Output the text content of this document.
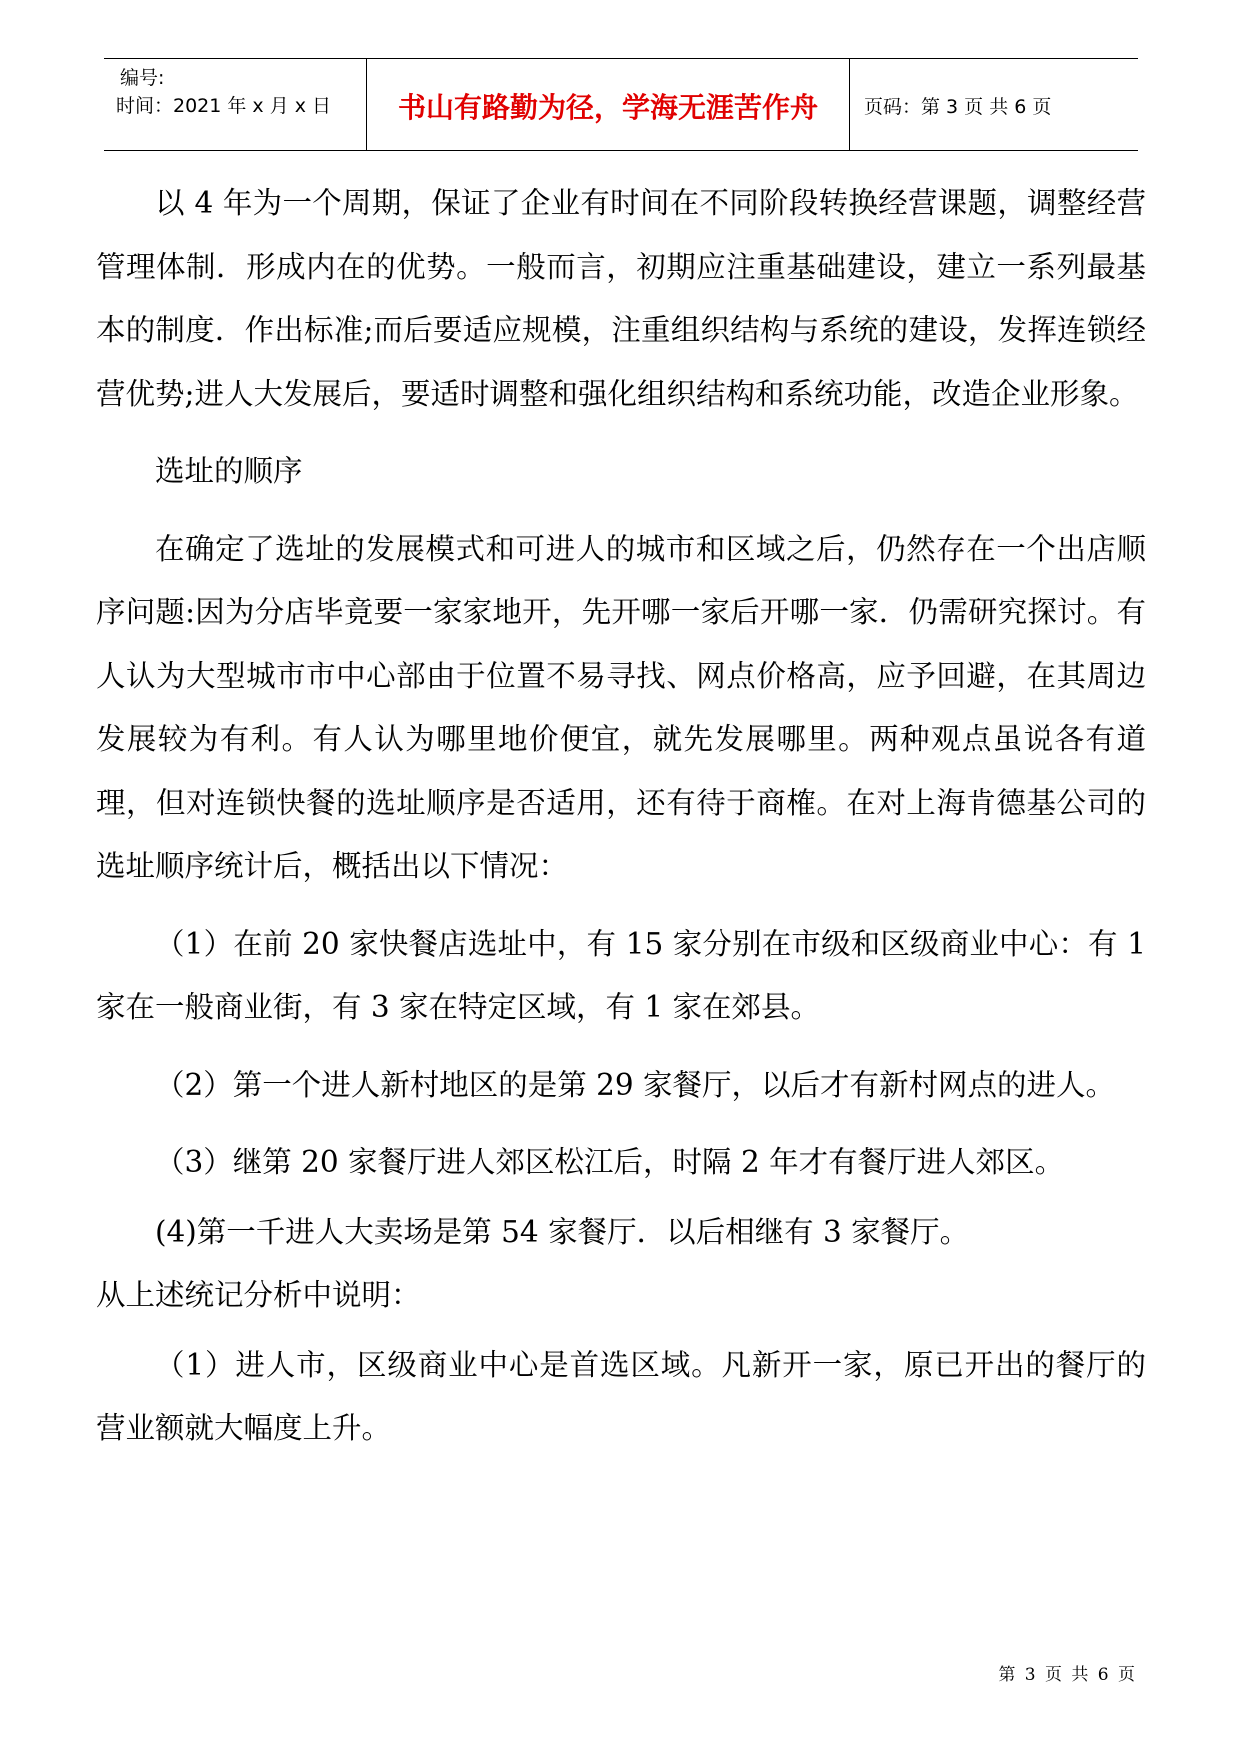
编号:
时间：2021 年 x 月 x 日 书山有路勤为径，学海无涯苦作舟 页码：第 3 页 共 6 页

以 4 年为一个周期，保证了企业有时间在不同阶段转换经营课题，调整经营管理体制．形成内在的优势。一般而言，初期应注重基础建设，建立一系列最基本的制度．作出标准;而后要适应规模，注重组织结构与系统的建设，发挥连锁经营优势;进人大发展后，要适时调整和强化组织结构和系统功能，改造企业形象。

选址的顺序

在确定了选址的发展模式和可进人的城市和区域之后，仍然存在一个出店顺序问题:因为分店毕竟要一家家地开，先开哪一家后开哪一家．仍需研究探讨。有人认为大型城市市中心部由于位置不易寻找、网点价格高，应予回避，在其周边发展较为有利。有人认为哪里地价便宜，就先发展哪里。两种观点虽说各有道理，但对连锁快餐的选址顺序是否适用，还有待于商榷。在对上海肯德基公司的选址顺序统计后，概括出以下情况：

（1）在前 20 家快餐店选址中，有 15 家分别在市级和区级商业中心：有 1 家在一般商业街，有 3 家在特定区域，有 1 家在郊县。

（2）第一个进人新村地区的是第 29 家餐厅，以后才有新村网点的进人。

（3）继第 20 家餐厅进人郊区松江后，时隔 2 年才有餐厅进人郊区。

(4)第一千进人大卖场是第 54 家餐厅．以后相继有 3 家餐厅。

从上述统记分析中说明：

（1）进人市，区级商业中心是首选区域。凡新开一家，原已开出的餐厅的营业额就大幅度上升。

第 3 页 共 6 页
